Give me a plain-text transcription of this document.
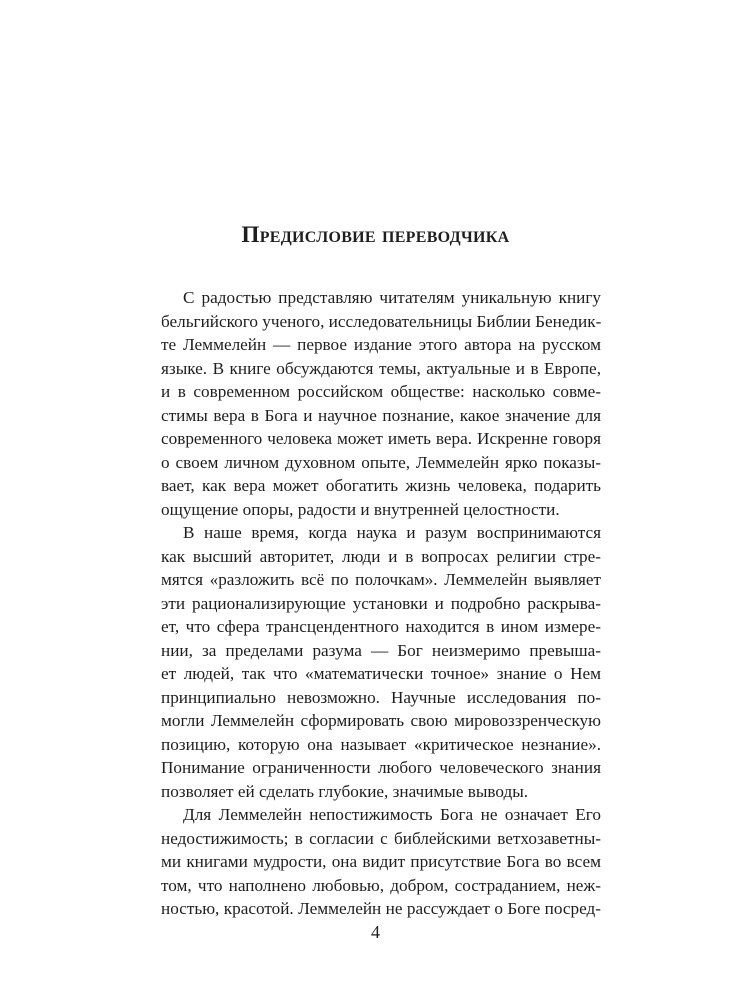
Предисловие переводчика
С радостью представляю читателям уникальную книгу
бельгийского ученого, исследовательницы Библии Бенедик-
те Леммелейн — первое издание этого автора на русском
языке. В книге обсуждаются темы, актуальные и в Европе,
и в современном российском обществе: насколько совме-
стимы вера в Бога и научное познание, какое значение для
современного человека может иметь вера. Искренне говоря
о своем личном духовном опыте, Леммелейн ярко показы-
вает, как вера может обогатить жизнь человека, подарить
ощущение опоры, радости и внутренней целостности.
В наше время, когда наука и разум воспринимаются
как высший авторитет, люди и в вопросах религии стре-
мятся «разложить всё по полочкам». Леммелейн выявляет
эти рационализирующие установки и подробно раскрыва-
ет, что сфера трансцендентного находится в ином измере-
нии, за пределами разума — Бог неизмеримо превыша-
ет людей, так что «математически точное» знание о Нем
принципиально невозможно. Научные исследования по-
могли Леммелейн сформировать свою мировоззренческую
позицию, которую она называет «критическое незнание».
Понимание ограниченности любого человеческого знания
позволяет ей сделать глубокие, значимые выводы.
Для Леммелейн непостижимость Бога не означает Его
недостижимость; в согласии с библейскими ветхозаветны-
ми книгами мудрости, она видит присутствие Бога во всем
том, что наполнено любовью, добром, состраданием, неж-
ностью, красотой. Леммелейн не рассуждает о Боге посред-
4
